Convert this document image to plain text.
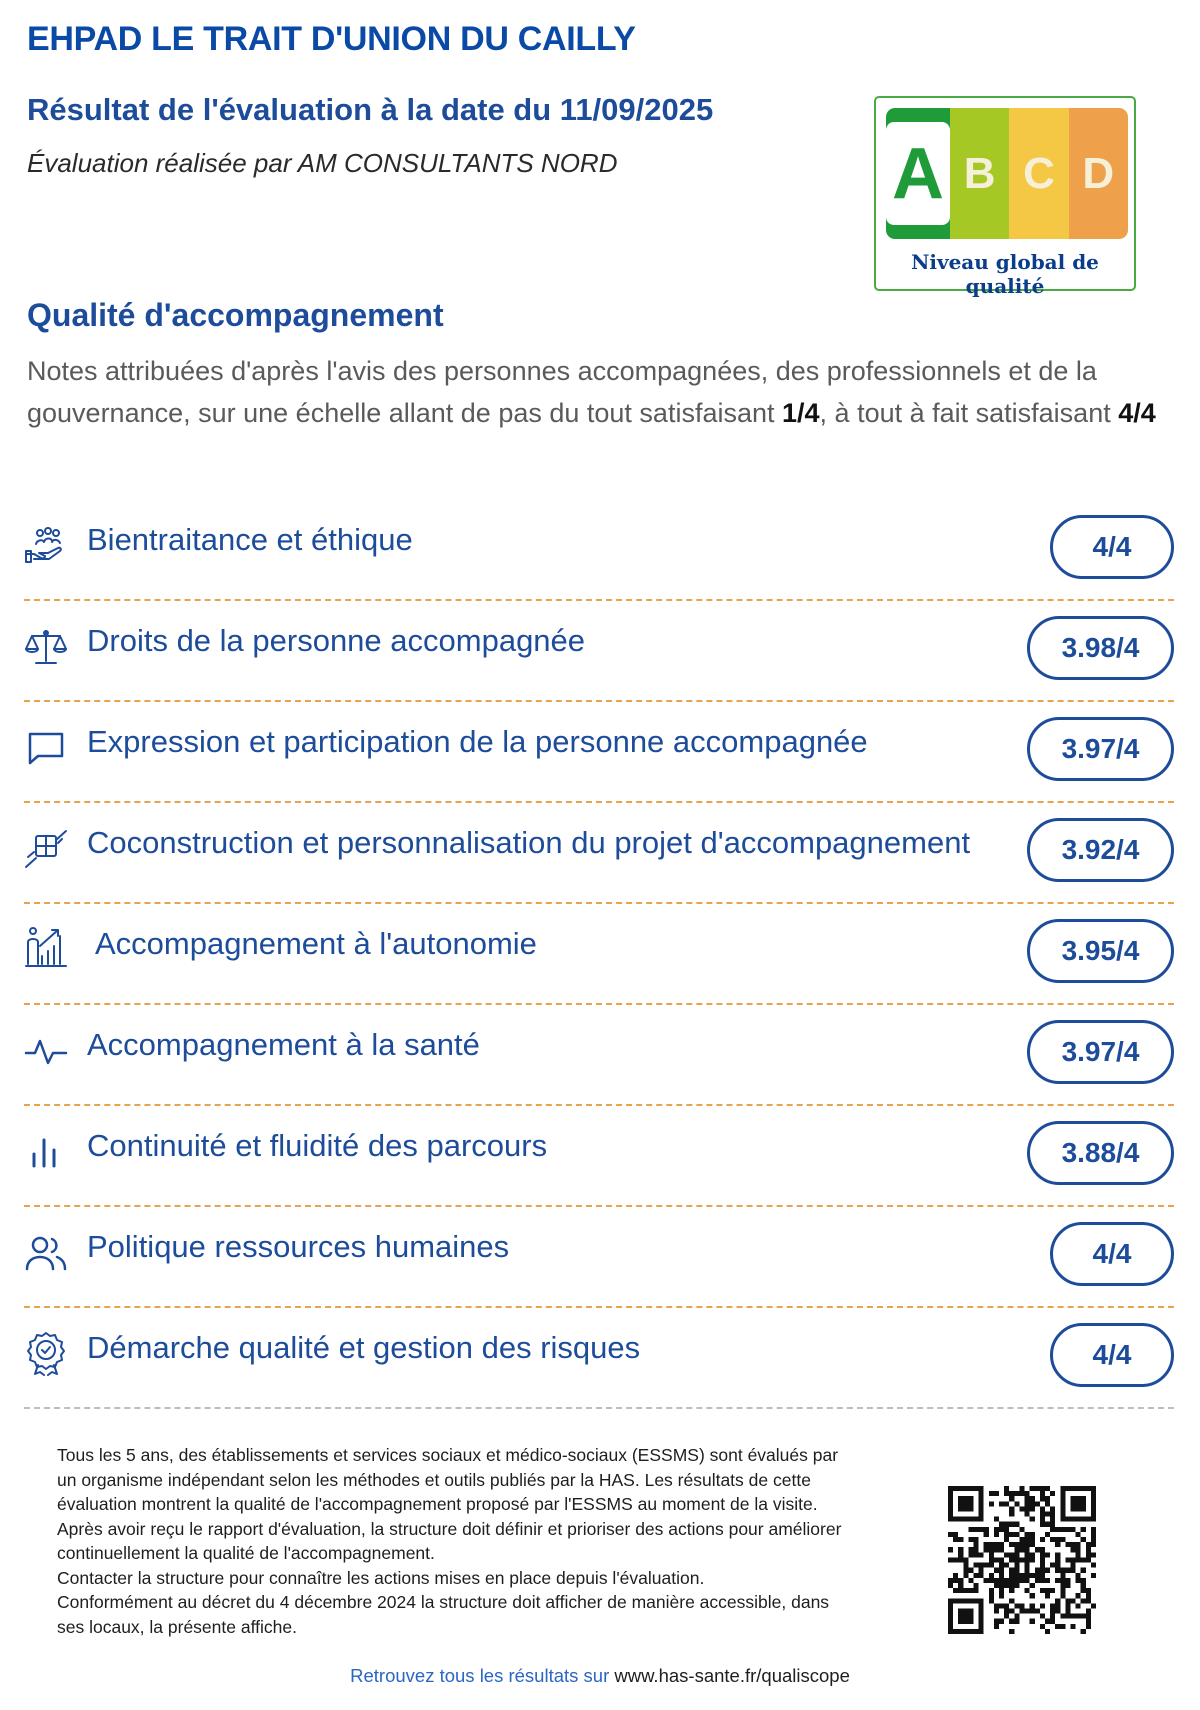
EHPAD LE TRAIT D'UNION DU CAILLY
Résultat de l'évaluation à la date du 11/09/2025
Évaluation réalisée par AM CONSULTANTS NORD	A B C D
Niveau global de qualité
Qualité d'accompagnement
Notes attribuées d'après l'avis des personnes accompagnées, des professionnels et de la gouvernance, sur une échelle allant de pas du tout satisfaisant 1/4, à tout à fait satisfaisant 4/4
Bientraitance et éthique	4/4
Droits de la personne accompagnée	3.98/4
Expression et participation de la personne accompagnée	3.97/4
Coconstruction et personnalisation du projet d'accompagnement	3.92/4
Accompagnement à l'autonomie	3.95/4
Accompagnement à la santé	3.97/4
Continuité et fluidité des parcours	3.88/4
Politique ressources humaines	4/4
Démarche qualité et gestion des risques	4/4
Tous les 5 ans, des établissements et services sociaux et médico-sociaux (ESSMS) sont évalués par
un organisme indépendant selon les méthodes et outils publiés par la HAS. Les résultats de cette
évaluation montrent la qualité de l'accompagnement proposé par l'ESSMS au moment de la visite.
Après avoir reçu le rapport d'évaluation, la structure doit définir et prioriser des actions pour améliorer
continuellement la qualité de l'accompagnement.
Contacter la structure pour connaître les actions mises en place depuis l'évaluation.
Conformément au décret du 4 décembre 2024 la structure doit afficher de manière accessible, dans
ses locaux, la présente affiche.
Retrouvez tous les résultats sur www.has-sante.fr/qualiscope
